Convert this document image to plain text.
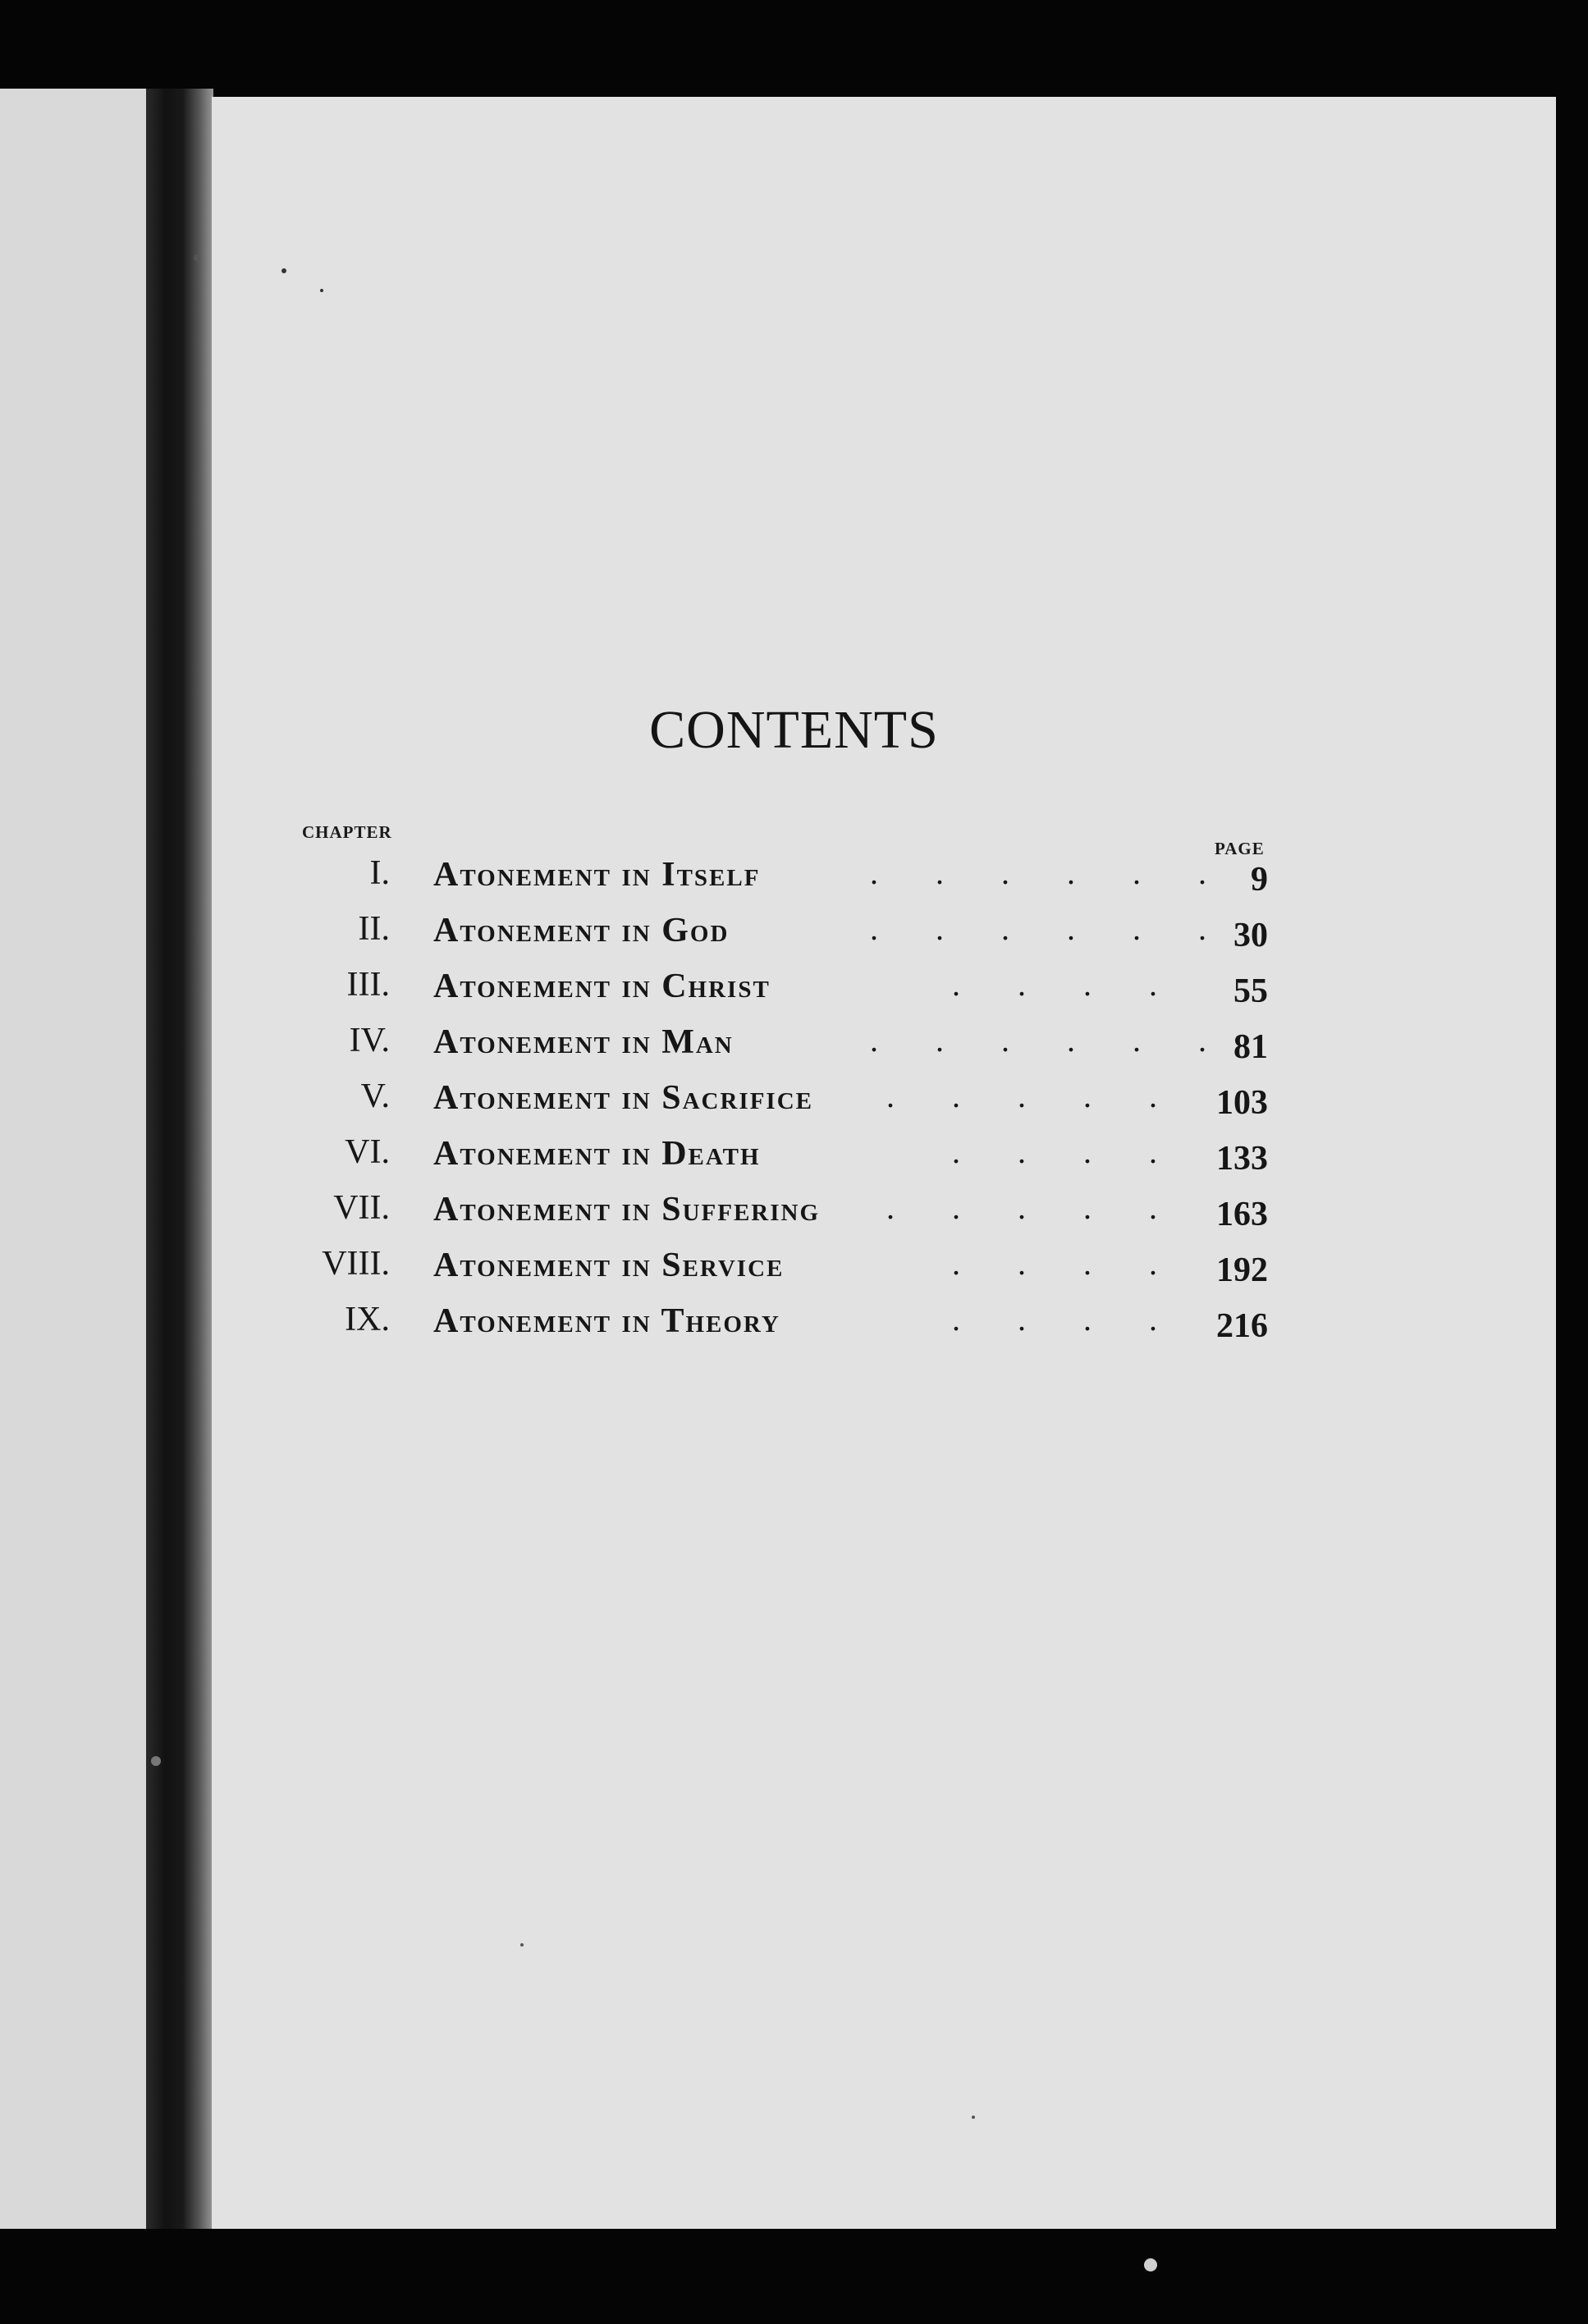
CONTENTS
CHAPTER
PAGE
I. Atonement in Itself	. . . . . . 9
II. Atonement in God	. . . . . . 30
III. Atonement in Christ	. . . . 55
IV. Atonement in Man	. . . . . . 81
V. Atonement in Sacrifice	. . . . . 103
VI. Atonement in Death	. . . . 133
VII. Atonement in Suffering	. . . . . 163
VIII. Atonement in Service	. . . . 192
IX. Atonement in Theory	. . . . 216
